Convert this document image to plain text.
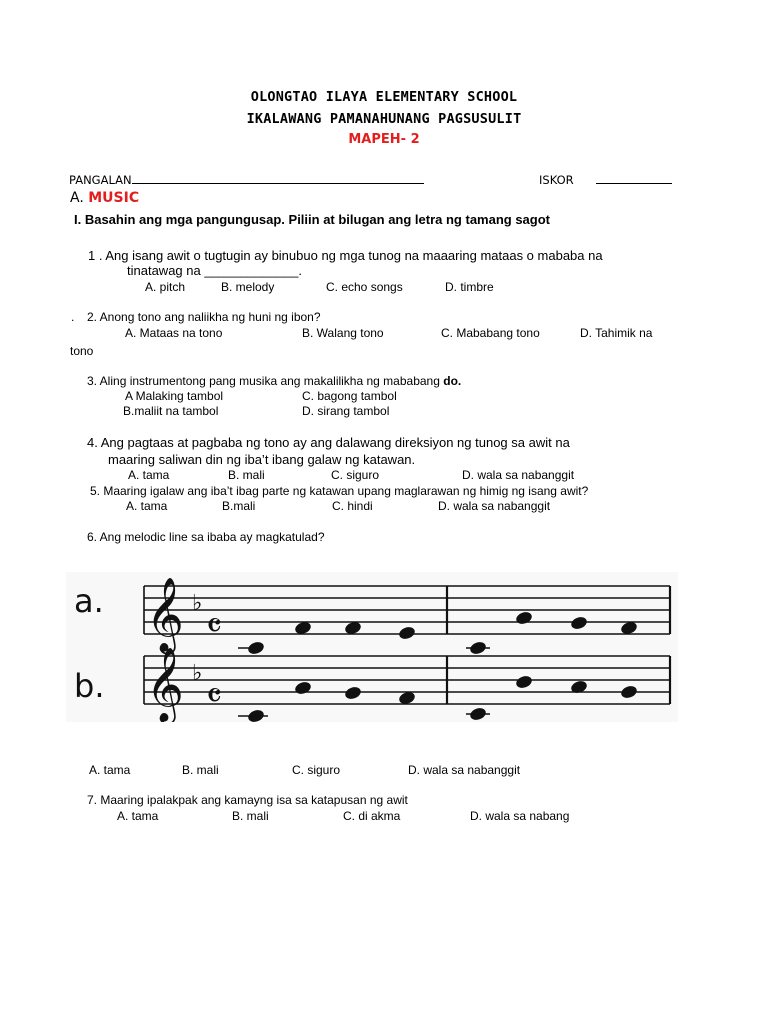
OLONGTAO ILAYA ELEMENTARY SCHOOL
IKALAWANG PAMANAHUNANG PAGSUSULIT
MAPEH- 2
PANGALAN	ISKOR
A. MUSIC
I. Basahin ang mga pangungusap. Piliin at bilugan ang letra ng tamang sagot
1 . Ang isang awit o tugtugin ay binubuo ng mga tunog na maaaring mataas o mababa na
tinatawag na _____________.
A. pitch	B. melody	C. echo songs	D. timbre
. 2. Anong tono ang naliikha ng huni ng ibon?
A. Mataas na tono	B. Walang tono	C. Mababang tono	D. Tahimik na
tono
3. Aling instrumentong pang musika ang makalilikha ng mababang do.
A Malaking tambol	C. bagong tambol
B.maliit na tambol	D. sirang tambol
4. Ang pagtaas at pagbaba ng tono ay ang dalawang direksiyon ng tunog sa awit na
maaring saliwan din ng iba’t ibang galaw ng katawan.
A. tama	B. mali	C. siguro	D. wala sa nabanggit
5. Maaring igalaw ang iba’t ibag parte ng katawan upang maglarawan ng himig ng isang awit?
A. tama	B.mali	C. hindi	D. wala sa nabanggit
6. Ang melodic line sa ibaba ay magkatulad?
a. 𝄞 ♭
𝄴
b. 𝄞 ♭
𝄴
A. tama	B. mali	C. siguro	D. wala sa nabanggit
7. Maaring ipalakpak ang kamayng isa sa katapusan ng awit
A. tama	B. mali	C. di akma	D. wala sa nabang
